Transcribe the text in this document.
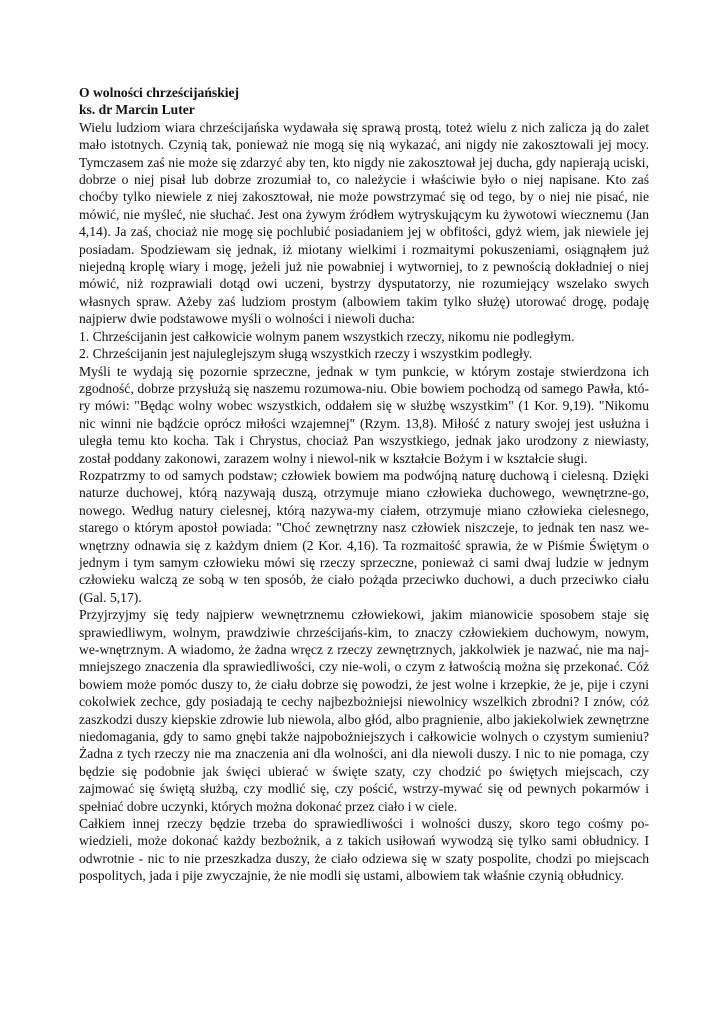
O wolności chrześcijańskiej
ks. dr Marcin Luter

Wielu ludziom wiara chrześcijańska wydawała się sprawą prostą, toteż wielu z nich zalicza ją do zalet mało istotnych. Czynią tak, ponieważ nie mogą się nią wykazać, ani nigdy nie zakosztowali jej mocy. Tymczasem zaś nie może się zdarzyć aby ten, kto nigdy nie zakosztował jej ducha, gdy napierają uciski, dobrze o niej pisał lub dobrze zrozumiał to, co należycie i właściwie było o niej napisane. Kto zaś choćby tylko niewiele z niej zakosztował, nie może powstrzymać się od tego, by o niej nie pisać, nie mówić, nie myśleć, nie słuchać. Jest ona żywym źródłem wytryskującym ku żywotowi wiecznemu (Jan 4,14). Ja zaś, chociaż nie mogę się pochlubić posiadaniem jej w obfitości, gdyż wiem, jak niewiele jej posiadam. Spodziewam się jednak, iż miotany wielkimi i rozmaitymi pokuszeniami, osiągnąłem już niejedną kroplę wiary i mogę, jeżeli już nie powabniej i wytworniej, to z pewnością dokładniej o niej mówić, niż rozprawiali dotąd owi uczeni, bystrzy dysputatorzy, nie rozumiejący wszelako swych własnych spraw. Ażeby zaś ludziom prostym (albowiem takim tylko służę) utorować drogę, podaję najpierw dwie podstawowe myśli o wolności i niewoli ducha:

1. Chrześcijanin jest całkowicie wolnym panem wszystkich rzeczy, nikomu nie podległym.

2. Chrześcijanin jest najuleglejszym sługą wszystkich rzeczy i wszystkim podległy.

Myśli te wydają się pozornie sprzeczne, jednak w tym punkcie, w którym zostaje stwierdzona ich zgodność, dobrze przysłużą się naszemu rozumowa-niu. Obie bowiem pochodzą od samego Pawła, któ-ry mówi: "Będąc wolny wobec wszystkich, oddałem się w służbę wszystkim" (1 Kor. 9,19). "Nikomu nic winni nie bądźcie oprócz miłości wzajemnej" (Rzym. 13,8). Miłość z natury swojej jest usłużna i uległa temu kto kocha. Tak i Chrystus, chociaż Pan wszystkiego, jednak jako urodzony z niewiasty, został poddany zakonowi, zarazem wolny i niewol-nik w kształcie Bożym i w kształcie sługi.

Rozpatrzmy to od samych podstaw; człowiek bowiem ma podwójną naturę duchową i cielesną. Dzięki naturze duchowej, którą nazywają duszą, otrzymuje miano człowieka duchowego, wewnętrzne-go, nowego. Według natury cielesnej, którą nazywa-my ciałem, otrzymuje miano człowieka cielesnego, starego o którym apostoł powiada: "Choć zewnętrzny nasz człowiek niszczeje, to jednak ten nasz we-wnętrzny odnawia się z każdym dniem (2 Kor. 4,16). Ta rozmaitość sprawia, że w Piśmie Świętym o jednym i tym samym człowieku mówi się rzeczy sprzeczne, ponieważ ci sami dwaj ludzie w jednym człowieku walczą ze sobą w ten sposób, że ciało pożąda przeciwko duchowi, a duch przeciwko ciału (Gal. 5,17).

Przyjrzyjmy się tedy najpierw wewnętrznemu człowiekowi, jakim mianowicie sposobem staje się sprawiedliwym, wolnym, prawdziwie chrześcijańs-kim, to znaczy człowiekiem duchowym, nowym, we-wnętrznym. A wiadomo, że żadna wręcz z rzeczy zewnętrznych, jakkolwiek je nazwać, nie ma naj-mniejszego znaczenia dla sprawiedliwości, czy nie-woli, o czym z łatwością można się przekonać. Cóż bowiem może pomóc duszy to, że ciału dobrze się powodzi, że jest wolne i krzepkie, że je, pije i czyni cokolwiek zechce, gdy posiadają te cechy najbezbożniejsi niewolnicy wszelkich zbrodni? I znów, cóż zaszkodzi duszy kiepskie zdrowie lub niewola, albo głód, albo pragnienie, albo jakiekolwiek zewnętrzne niedomagania, gdy to samo gnębi także najpobożniejszych i całkowicie wolnych o czystym sumieniu? Żadna z tych rzeczy nie ma znaczenia ani dla wolności, ani dla niewoli duszy. I nic to nie pomaga, czy będzie się podobnie jak święci ubierać w święte szaty, czy chodzić po świętych miejscach, czy zajmować się świętą służbą, czy modlić się, czy pościć, wstrzy-mywać się od pewnych pokarmów i spełniać dobre uczynki, których można dokonać przez ciało i w ciele.

Całkiem innej rzeczy będzie trzeba do sprawiedliwości i wolności duszy, skoro tego cośmy po-wiedzieli, może dokonać każdy bezbożnik, a z takich usiłowań wywodzą się tylko sami obłudnicy. I odwrotnie - nic to nie przeszkadza duszy, że ciało odziewa się w szaty pospolite, chodzi po miejscach pospolitych, jada i pije zwyczajnie, że nie modli się ustami, albowiem tak właśnie czynią obłudnicy.
